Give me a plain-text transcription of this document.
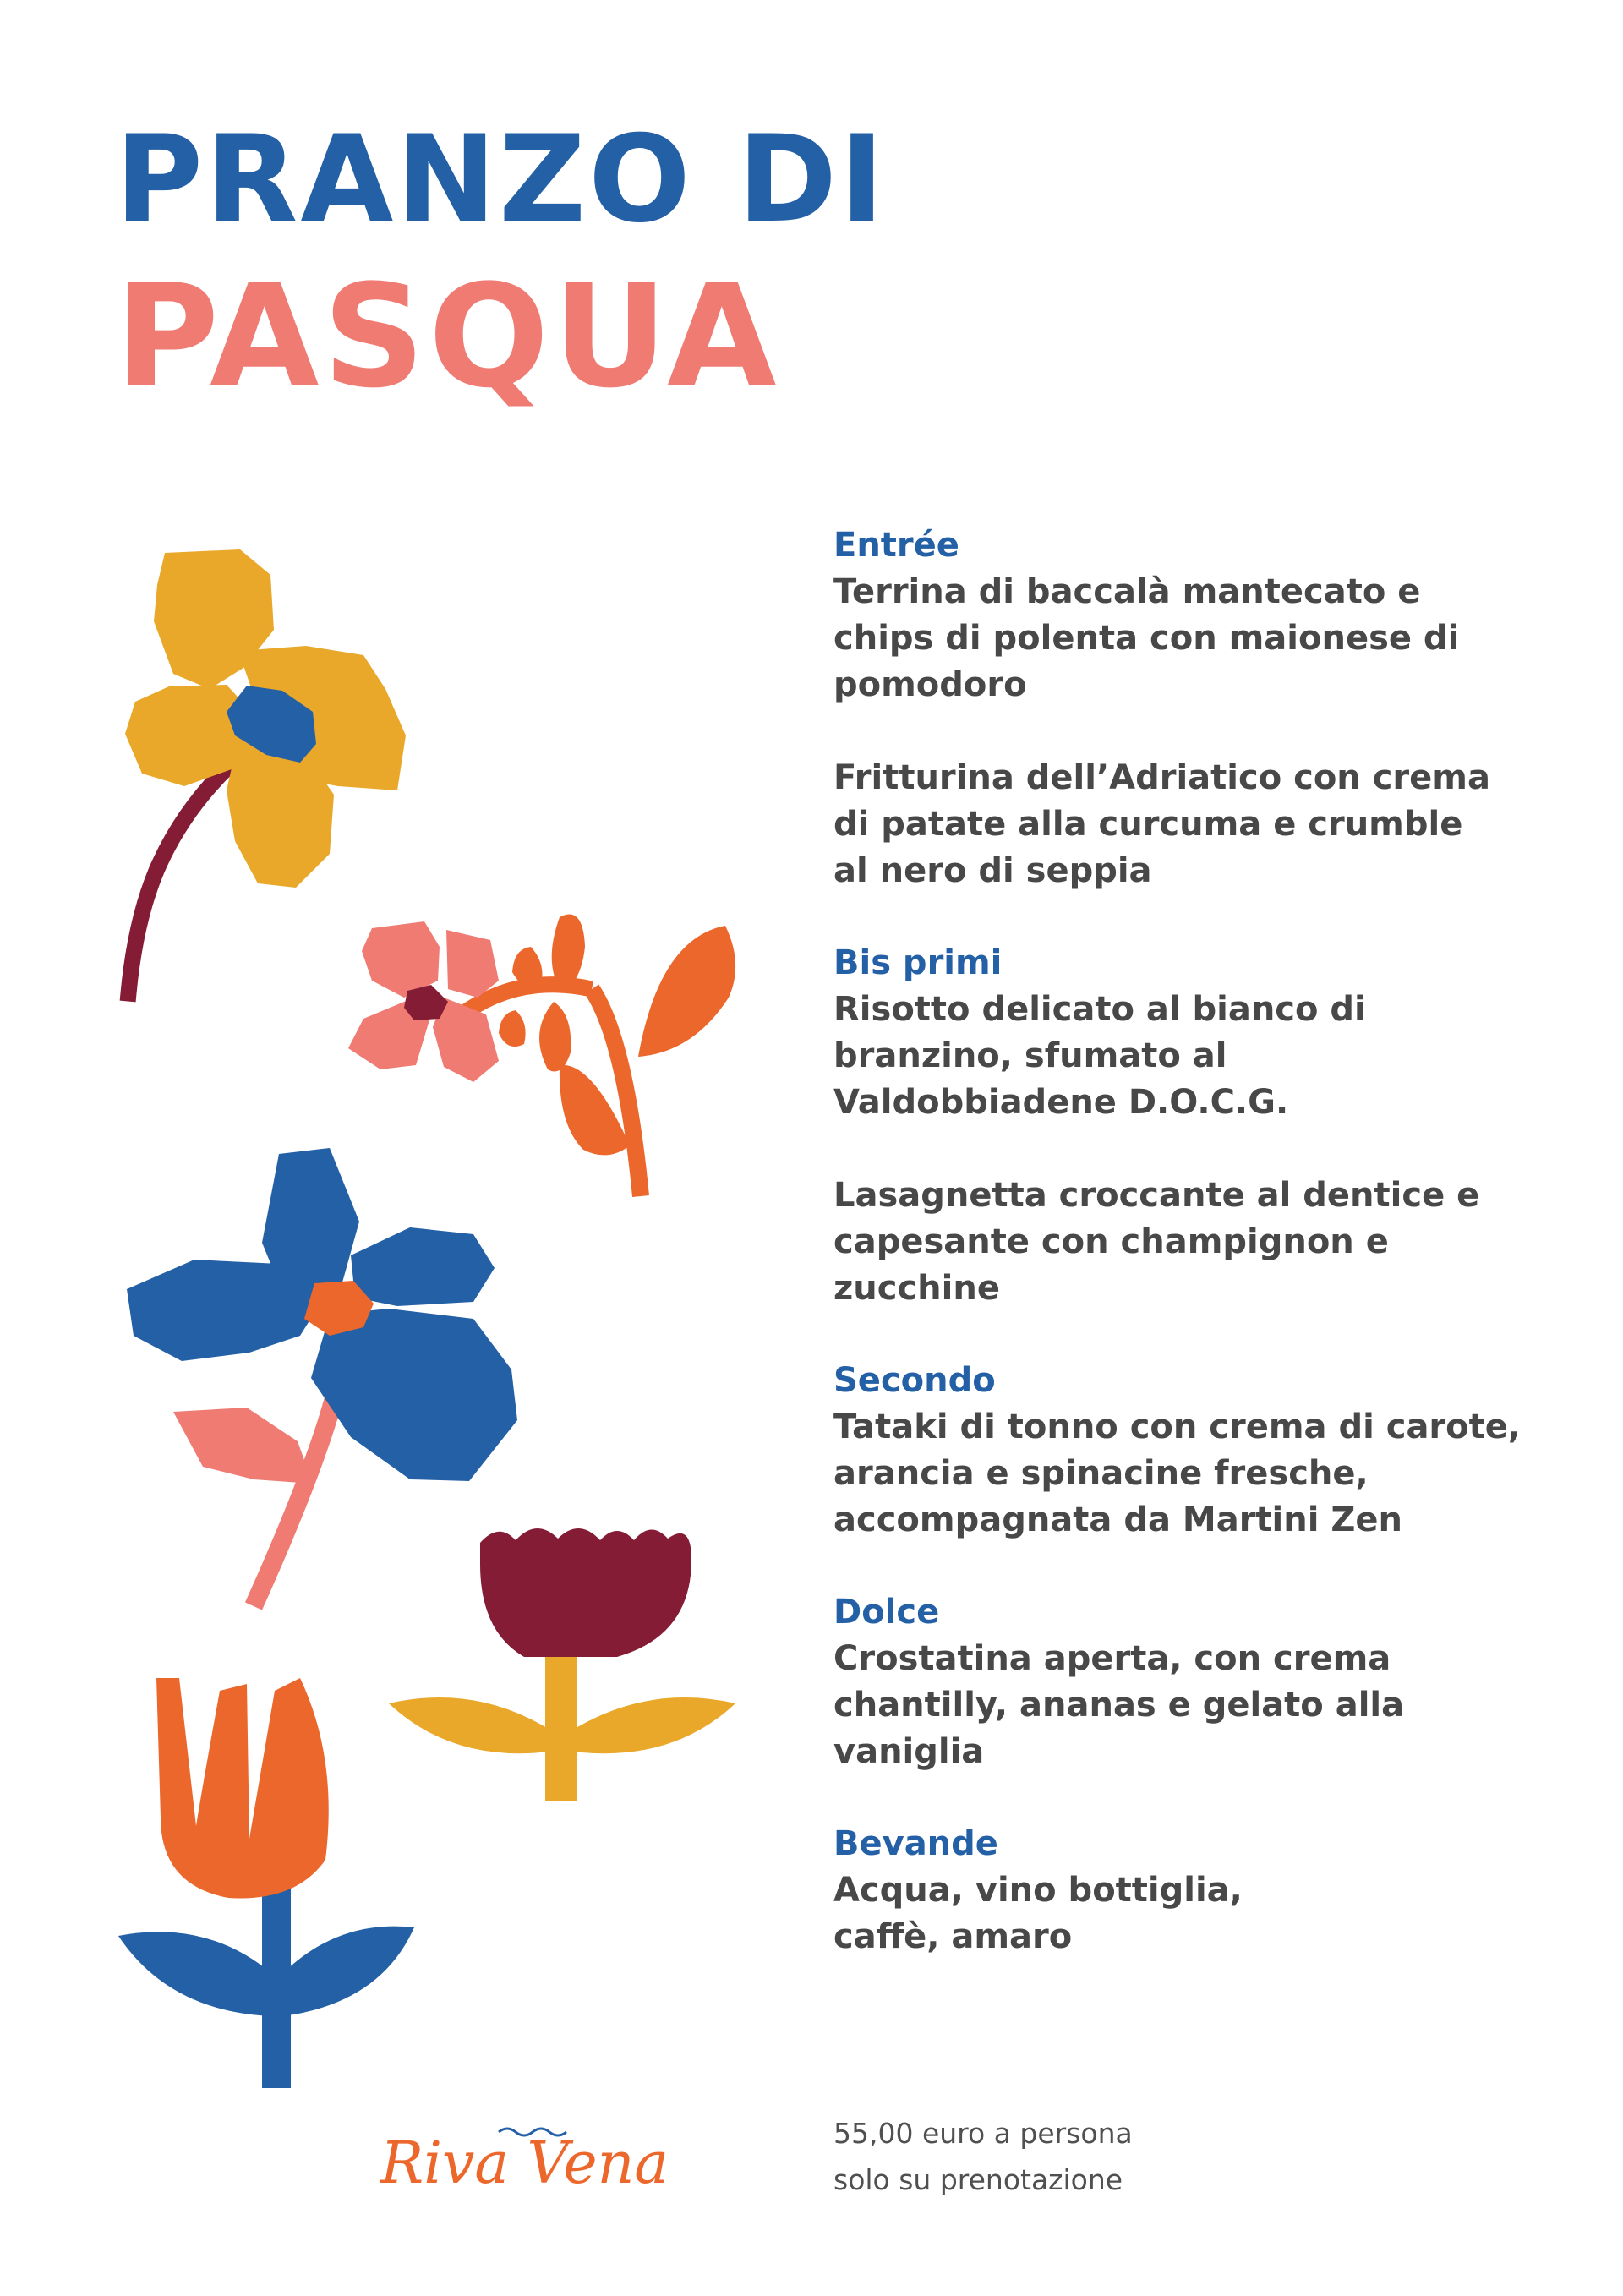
PRANZO DI
PASQUA
Entrée
Terrina di baccalà mantecato e chips di polenta con maionese di pomodoro
Fritturina dell’Adriatico con crema di patate alla curcuma e crumble al nero di seppia
Bis primi
Risotto delicato al bianco di branzino, sfumato al Valdobbiadene D.O.C.G.
Lasagnetta croccante al dentice e capesante con champignon e zucchine
Secondo
Tataki di tonno con crema di carote, arancia e spinacine fresche, accompagnata da Martini Zen
Dolce
Crostatina aperta, con crema chantilly, ananas e gelato alla vaniglia
Bevande
Acqua, vino bottiglia, caffè, amaro
Riva Vena	55,00 euro a persona
solo su prenotazione
